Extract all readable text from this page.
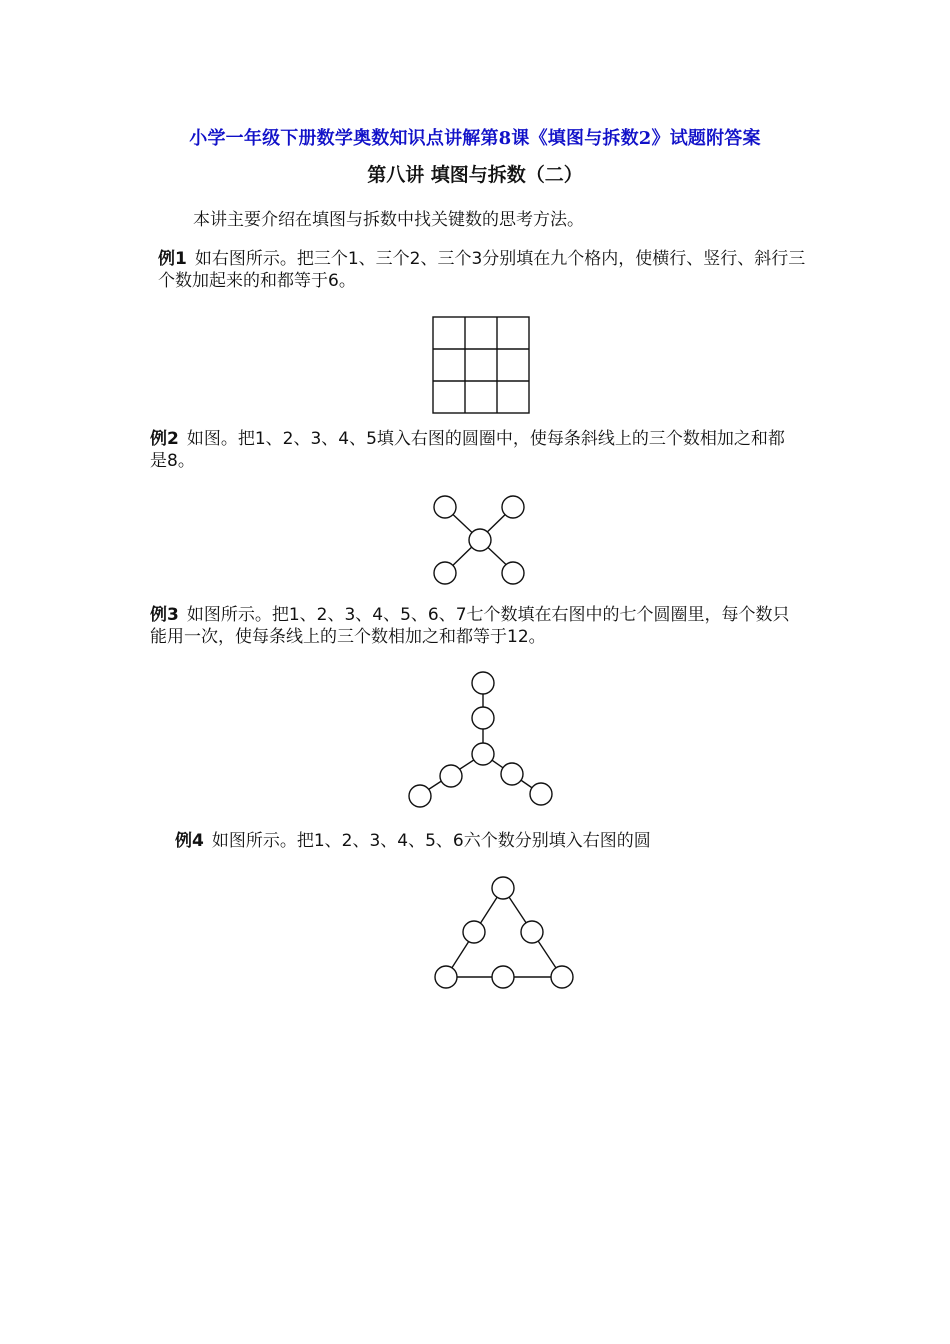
小学一年级下册数学奥数知识点讲解第8课《填图与拆数2》试题附答案
第八讲 填图与拆数（二）
本讲主要介绍在填图与拆数中找关键数的思考方法。
例1 如右图所示。把三个1、三个2、三个3分别填在九个格内，使横行、竖行、斜行三个数加起来的和都等于6。
例2 如图。把1、2、3、4、5填入右图的圆圈中，使每条斜线上的三个数相加之和都是8。
例3 如图所示。把1、2、3、4、5、6、7七个数填在右图中的七个圆圈里，每个数只能用一次，使每条线上的三个数相加之和都等于12。
例4 如图所示。把1、2、3、4、5、6六个数分别填入右图的圆
